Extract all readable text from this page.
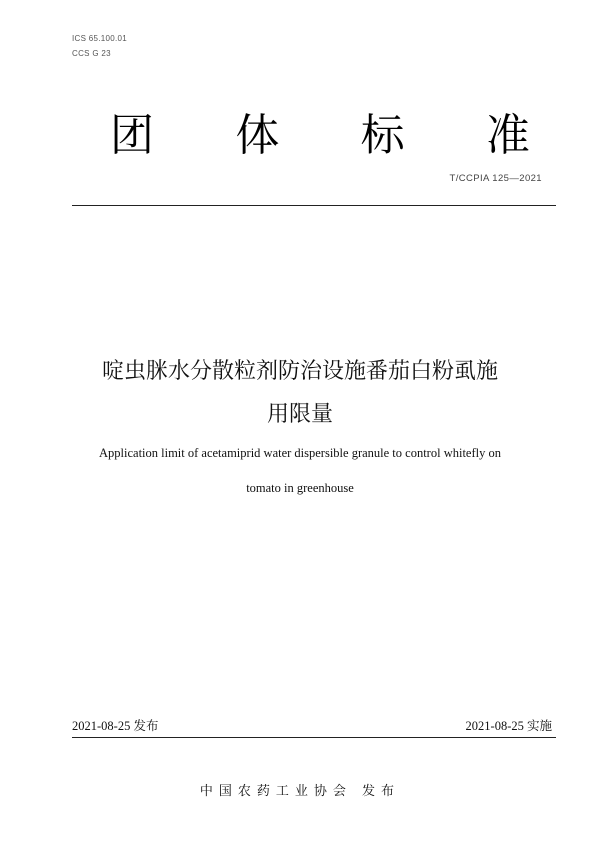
ICS 65.100.01
CCS G 23
团 体 标 准
T/CCPIA 125—2021
啶虫脒水分散粒剂防治设施番茄白粉虱施
用限量
Application limit of acetamiprid water dispersible granule to control whitefly on
tomato in greenhouse
2021-08-25 发布	2021-08-25 实施
中国农药工业协会 发布
